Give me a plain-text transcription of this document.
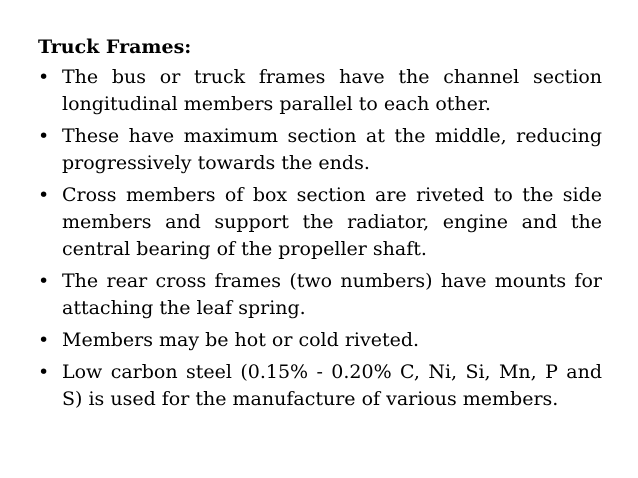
Truck Frames:
• The bus or truck frames have the channel section longitudinal members parallel to each other.
• These have maximum section at the middle, reducing progressively towards the ends.
• Cross members of box section are riveted to the side members and support the radiator, engine and the central bearing of the propeller shaft.
• The rear cross frames (two numbers) have mounts for attaching the leaf spring.
• Members may be hot or cold riveted.
• Low carbon steel (0.15% - 0.20% C, Ni, Si, Mn, P and S) is used for the manufacture of various members.
